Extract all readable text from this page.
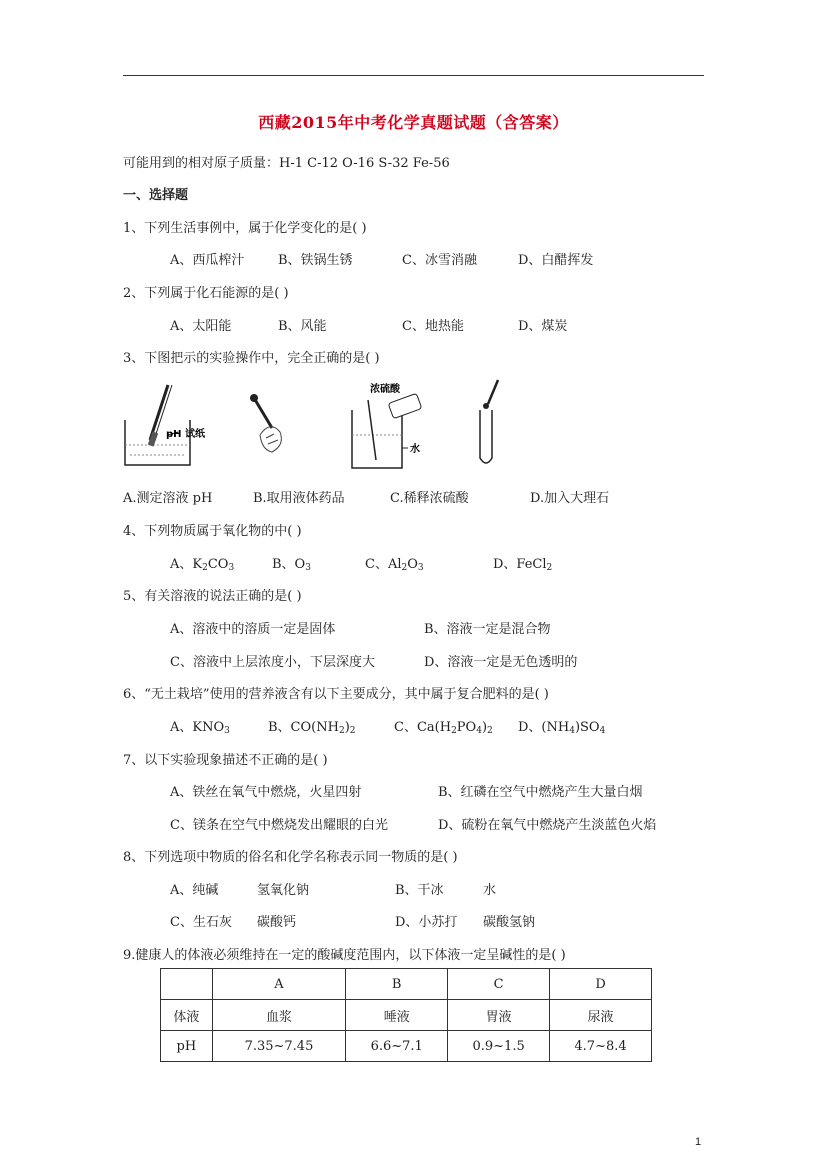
西藏2015年中考化学真题试题（含答案）
可能用到的相对原子质量：H-1 C-12 O-16 S-32 Fe-56
一、选择题
1、下列生活事例中，属于化学变化的是( )
A、西瓜榨汁	B、铁锅生锈	C、冰雪消融	D、白醋挥发
2、下列属于化石能源的是( )
A、太阳能	B、风能	C、地热能	D、煤炭
3、下图把示的实验操作中，完全正确的是( )
pH 试纸
浓硫酸
水
A.测定溶液 pH	B.取用液体药品	C.稀释浓硫酸	D.加入大理石
4、下列物质属于氧化物的中( )
A、$K_2CO_3$	B、$O_3$	C、$Al_2O_3$	D、FeCl$_2$
5、有关溶液的说法正确的是( )
A、溶液中的溶质一定是固体	B、溶液一定是混合物
C、溶液中上层浓度小，下层深度大	D、溶液一定是无色透明的
6、“无土栽培”使用的营养液含有以下主要成分，其中属于复合肥料的是( )
A、$KNO_3$	B、$CO(NH_2)_2$	C、$Ca(H_2PO_4)_2$ D、$(NH_4)SO_4$
7、以下实验现象描述不正确的是( )
A、铁丝在氧气中燃烧，火星四射	B、红磷在空气中燃烧产生大量白烟
C、镁条在空气中燃烧发出耀眼的白光	D、硫粉在氧气中燃烧产生淡蓝色火焰
8、下列选项中物质的俗名和化学名称表示同一物质的是( )
A、纯碱	氢氧化钠	B、干冰	水
C、生石灰 碳酸钙	D、小苏打 碳酸氢钠
9.健康人的体液必须维持在一定的酸碱度范围内，以下体液一定呈碱性的是( )
	A	B	C	D
体液	血浆	唾液	胃液	尿液
pH	7.35~7.45	6.6~7.1	0.9~1.5	4.7~8.4
1
